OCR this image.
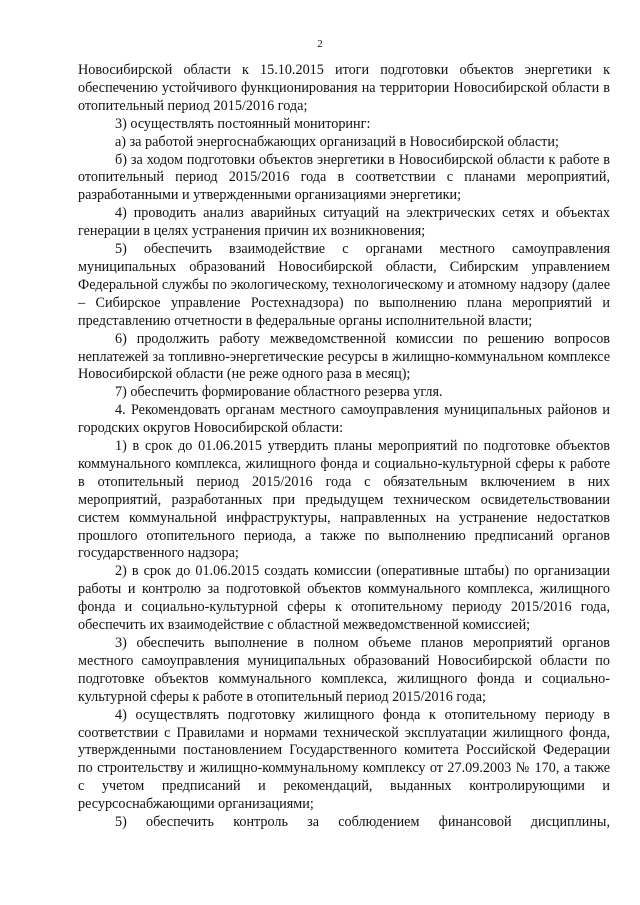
2

Новосибирской области к 15.10.2015 итоги подготовки объектов энергетики к обеспечению устойчивого функционирования на территории Новосибирской области в отопительный период 2015/2016 года;

3) осуществлять постоянный мониторинг:

а) за работой энергоснабжающих организаций в Новосибирской области;

б) за ходом подготовки объектов энергетики в Новосибирской области к работе в отопительный период 2015/2016 года в соответствии с планами мероприятий, разработанными и утвержденными организациями энергетики;

4) проводить анализ аварийных ситуаций на электрических сетях и объектах генерации в целях устранения причин их возникновения;

5) обеспечить взаимодействие с органами местного самоуправления муниципальных образований Новосибирской области, Сибирским управлением Федеральной службы по экологическому, технологическому и атомному надзору (далее – Сибирское управление Ростехнадзора) по выполнению плана мероприятий и представлению отчетности в федеральные органы исполнительной власти;

6) продолжить работу межведомственной комиссии по решению вопросов неплатежей за топливно-энергетические ресурсы в жилищно-коммунальном комплексе Новосибирской области (не реже одного раза в месяц);

7) обеспечить формирование областного резерва угля.

4. Рекомендовать органам местного самоуправления муниципальных районов и городских округов Новосибирской области:

1) в срок до 01.06.2015 утвердить планы мероприятий по подготовке объектов коммунального комплекса, жилищного фонда и социально-культурной сферы к работе в отопительный период 2015/2016 года с обязательным включением в них мероприятий, разработанных при предыдущем техническом освидетельствовании систем коммунальной инфраструктуры, направленных на устранение недостатков прошлого отопительного периода, а также по выполнению предписаний органов государственного надзора;

2) в срок до 01.06.2015 создать комиссии (оперативные штабы) по организации работы и контролю за подготовкой объектов коммунального комплекса, жилищного фонда и социально-культурной сферы к отопительному периоду 2015/2016 года, обеспечить их взаимодействие с областной межведомственной комиссией;

3) обеспечить выполнение в полном объеме планов мероприятий органов местного самоуправления муниципальных образований Новосибирской области по подготовке объектов коммунального комплекса, жилищного фонда и социально-культурной сферы к работе в отопительный период 2015/2016 года;

4) осуществлять подготовку жилищного фонда к отопительному периоду в соответствии с Правилами и нормами технической эксплуатации жилищного фонда, утвержденными постановлением Государственного комитета Российской Федерации по строительству и жилищно-коммунальному комплексу от 27.09.2003 № 170, а также с учетом предписаний и рекомендаций, выданных контролирующими и ресурсоснабжающими организациями;

5) обеспечить контроль за соблюдением финансовой дисциплины,
